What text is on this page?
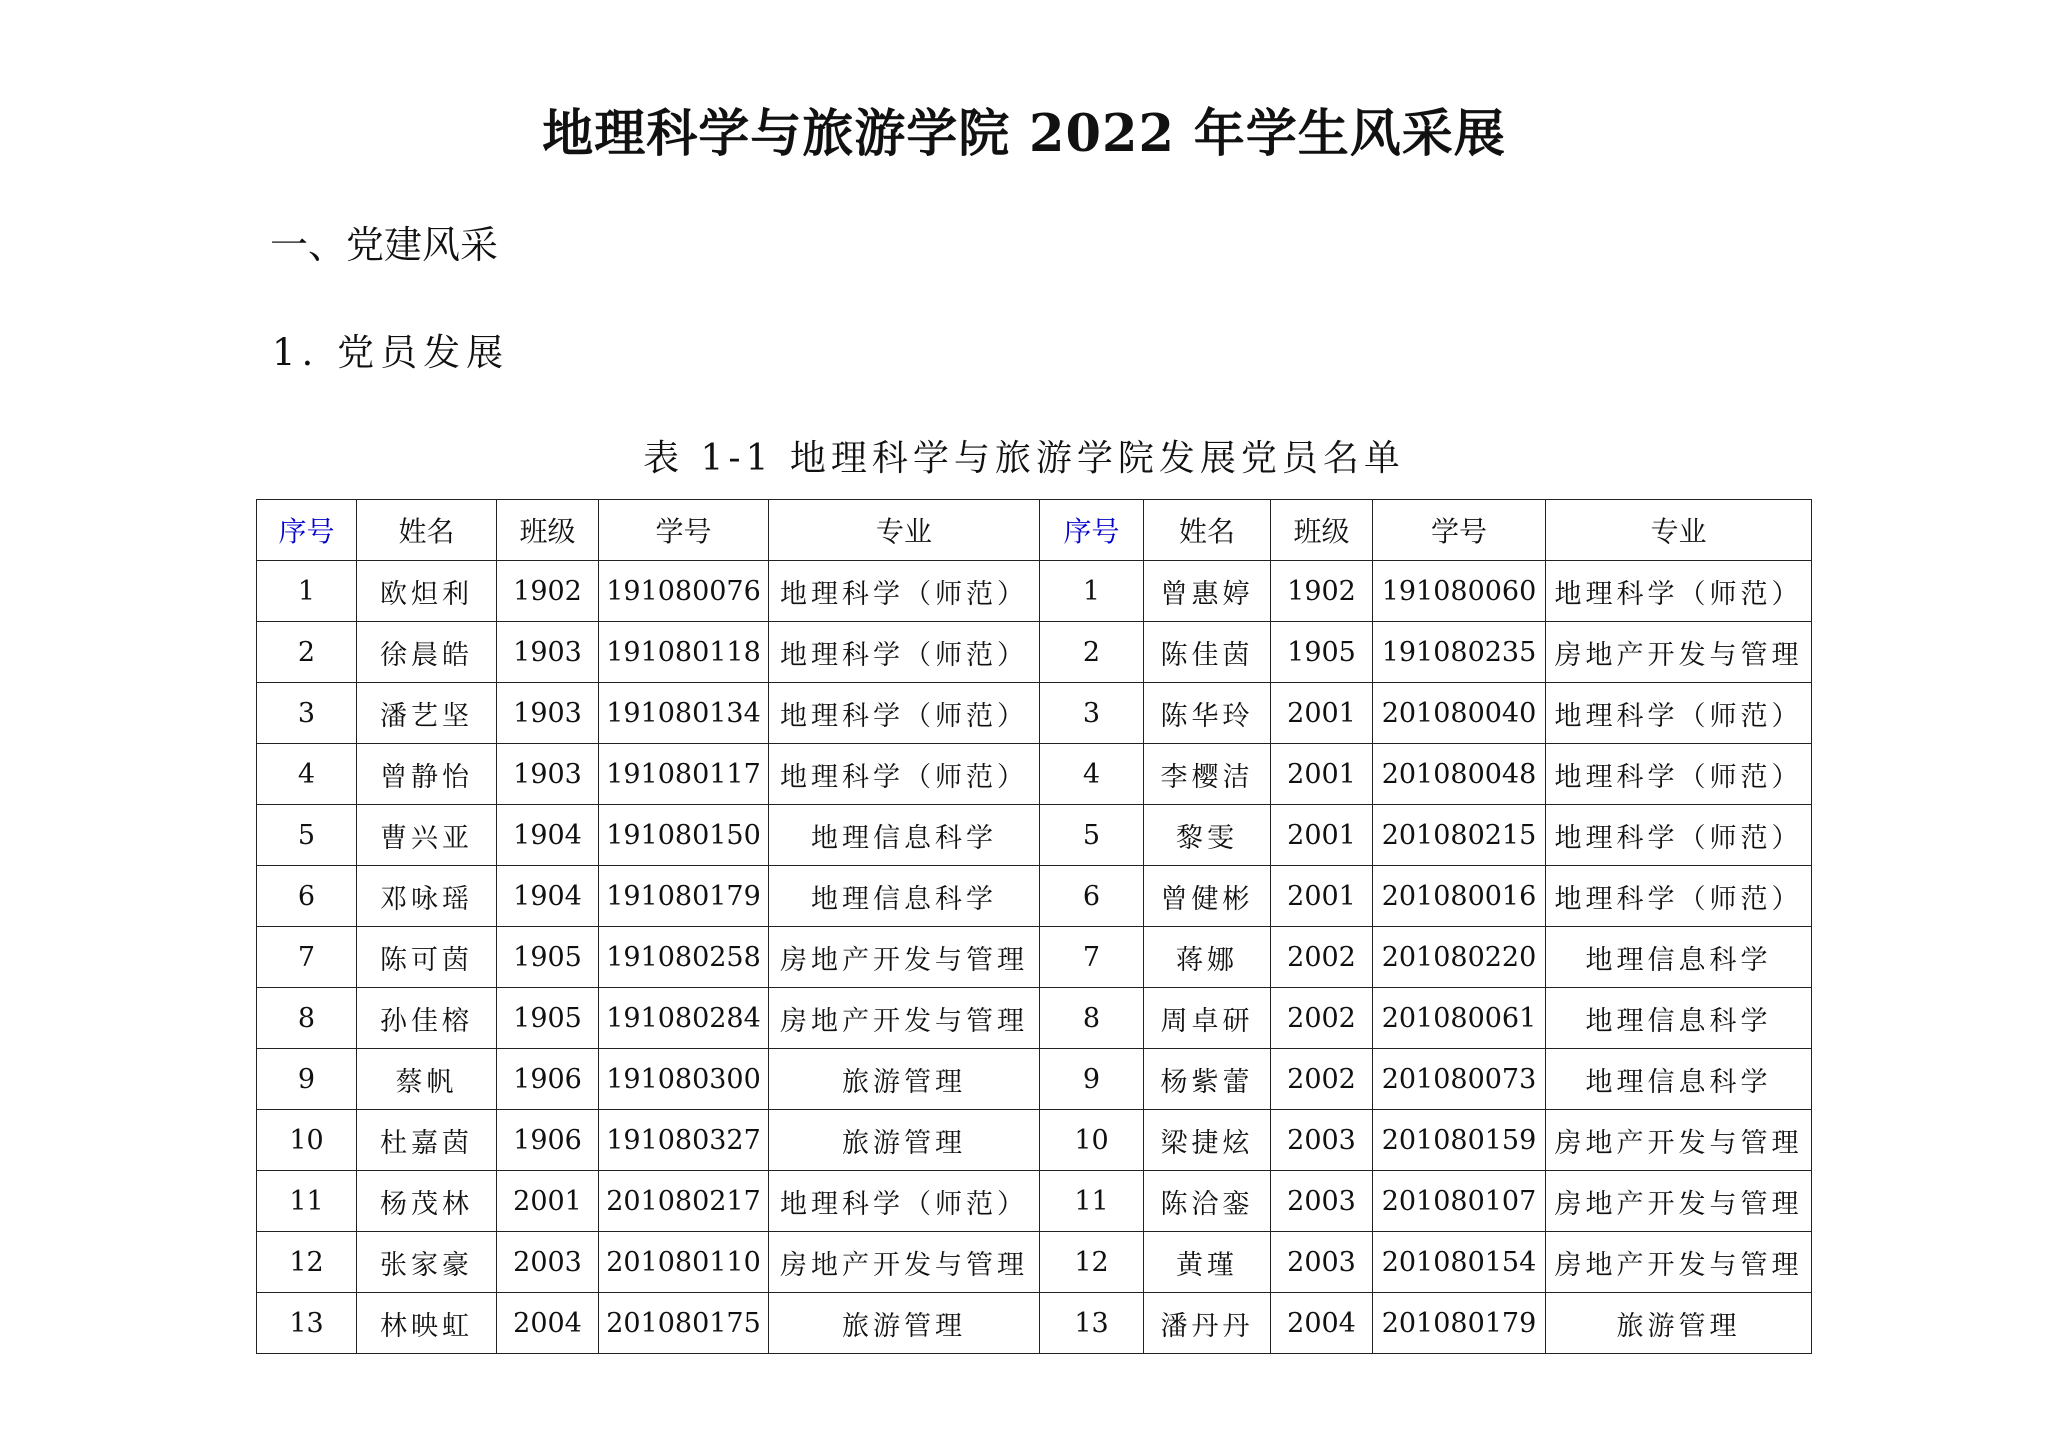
地理科学与旅游学院 2022 年学生风采展
一、党建风采
1. 党员发展
表 1-1 地理科学与旅游学院发展党员名单
序号	姓名	班级	学号	专业	序号	姓名	班级	学号	专业
1	欧炟利	1902	191080076	地理科学（师范）	1	曾惠婷	1902	191080060	地理科学（师范）
2	徐晨皓	1903	191080118	地理科学（师范）	2	陈佳茵	1905	191080235	房地产开发与管理
3	潘艺坚	1903	191080134	地理科学（师范）	3	陈华玲	2001	201080040	地理科学（师范）
4	曾静怡	1903	191080117	地理科学（师范）	4	李樱洁	2001	201080048	地理科学（师范）
5	曹兴亚	1904	191080150	地理信息科学	5	黎雯	2001	201080215	地理科学（师范）
6	邓咏瑶	1904	191080179	地理信息科学	6	曾健彬	2001	201080016	地理科学（师范）
7	陈可茵	1905	191080258	房地产开发与管理	7	蒋娜	2002	201080220	地理信息科学
8	孙佳榕	1905	191080284	房地产开发与管理	8	周卓研	2002	201080061	地理信息科学
9	蔡帆	1906	191080300	旅游管理	9	杨紫蕾	2002	201080073	地理信息科学
10	杜嘉茵	1906	191080327	旅游管理	10	梁捷炫	2003	201080159	房地产开发与管理
11	杨茂林	2001	201080217	地理科学（师范）	11	陈洽銮	2003	201080107	房地产开发与管理
12	张家豪	2003	201080110	房地产开发与管理	12	黄瑾	2003	201080154	房地产开发与管理
13	林映虹	2004	201080175	旅游管理	13	潘丹丹	2004	201080179	旅游管理
